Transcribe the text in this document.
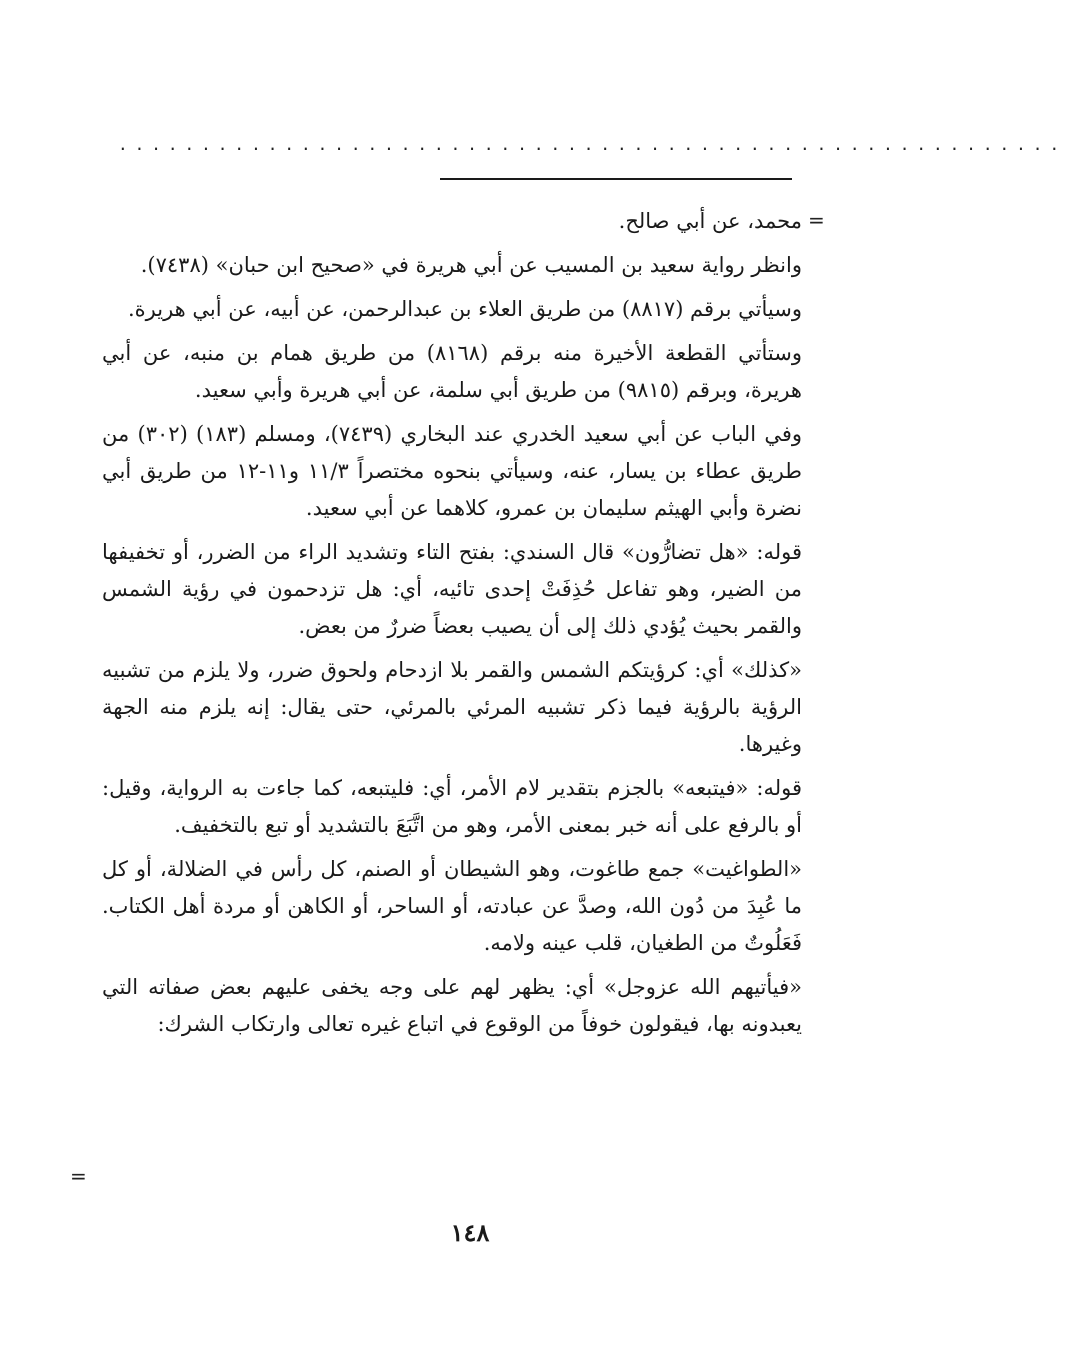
.........................................................
=

محمد، عن أبي صالح.

وانظر رواية سعيد بن المسيب عن أبي هريرة في «صحيح ابن حبان» (٧٤٣٨).

وسيأتي برقم (٨٨١٧) من طريق العلاء بن عبدالرحمن، عن أبيه، عن أبي هريرة.

وستأتي القطعة الأخيرة منه برقم (٨١٦٨) من طريق همام بن منبه، عن أبي هريرة، وبرقم (٩٨١٥) من طريق أبي سلمة، عن أبي هريرة وأبي سعيد.

وفي الباب عن أبي سعيد الخدري عند البخاري (٧٤٣٩)، ومسلم (١٨٣) (٣٠٢) من طريق عطاء بن يسار، عنه، وسيأتي بنحوه مختصراً ١١/٣ و١١-١٢ من طريق أبي نضرة وأبي الهيثم سليمان بن عمرو، كلاهما عن أبي سعيد.

قوله: «هل تضارُّون» قال السندي: بفتح التاء وتشديد الراء من الضرر، أو تخفيفها من الضير، وهو تفاعل حُذِفَتْ إحدى تائيه، أي: هل تزدحمون في رؤية الشمس والقمر بحيث يُؤدي ذلك إلى أن يصيب بعضاً ضررٌ من بعض.

«كذلك» أي: كرؤيتكم الشمس والقمر بلا ازدحام ولحوق ضرر، ولا يلزم من تشبيه الرؤية بالرؤية فيما ذكر تشبيه المرئي بالمرئي، حتى يقال: إنه يلزم منه الجهة وغيرها.

قوله: «فيتبعه» بالجزم بتقدير لام الأمر، أي: فليتبعه، كما جاءت به الرواية، وقيل: أو بالرفع على أنه خبر بمعنى الأمر، وهو من اتَّبَعَ بالتشديد أو تبع بالتخفيف.

«الطواغيت» جمع طاغوت، وهو الشيطان أو الصنم، كل رأس في الضلالة، أو كل ما عُبِدَ من دُون الله، وصدَّ عن عبادته، أو الساحر، أو الكاهن أو مردة أهل الكتاب. فَعَلُوتٌ من الطغيان، قلب عينه ولامه.

«فيأتيهم الله عزوجل» أي: يظهر لهم على وجه يخفى عليهم بعض صفاته التي يعبدونه بها، فيقولون خوفاً من الوقوع في اتباع غيره تعالى وارتكاب الشرك:

=
١٤٨
